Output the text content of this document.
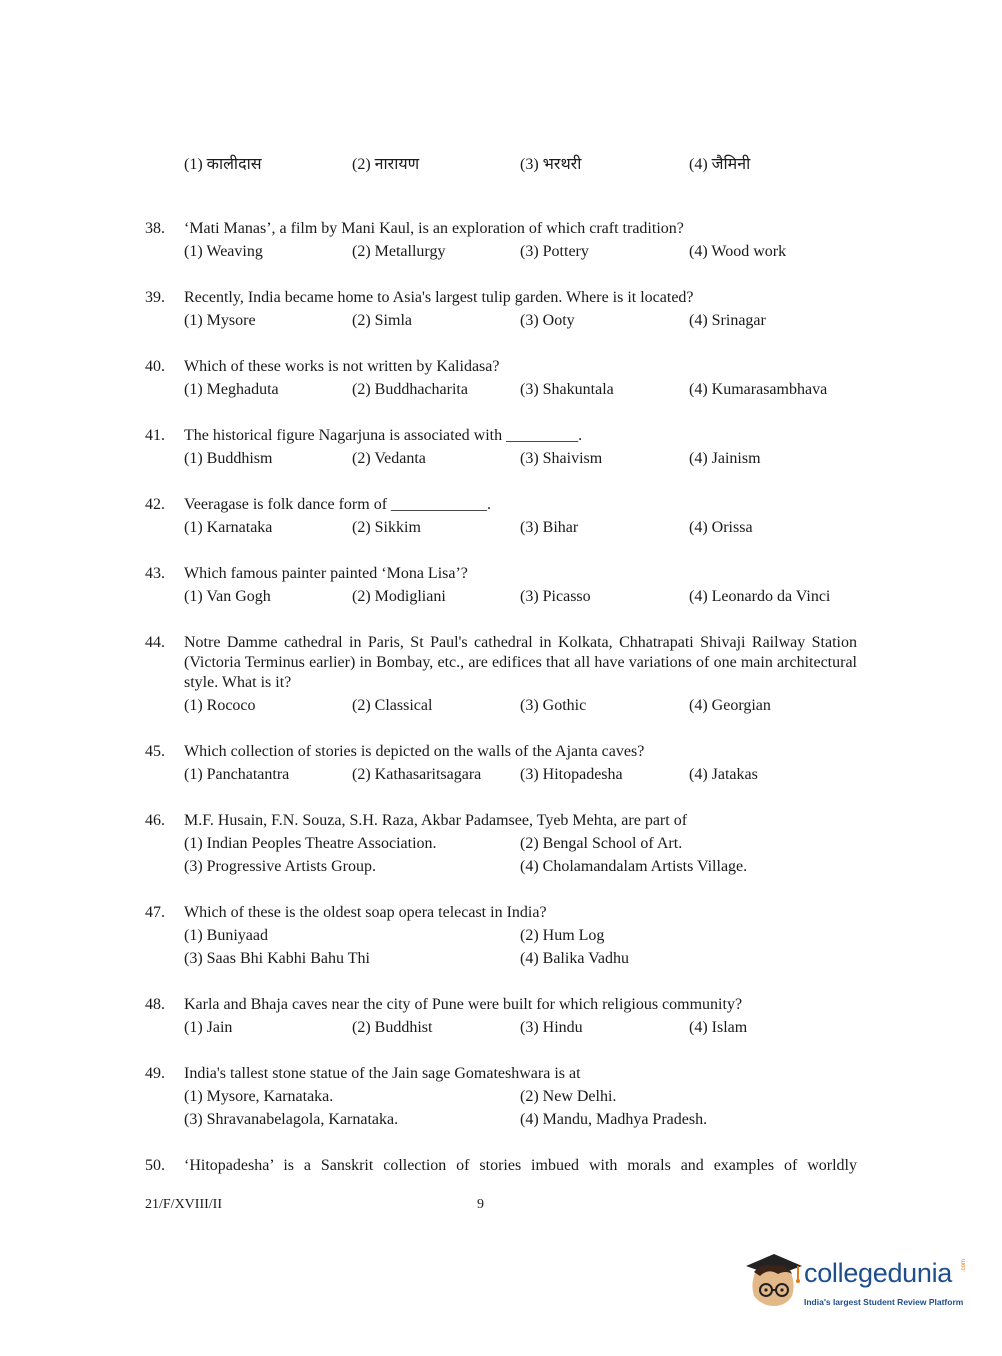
(1) कालीदास	(2) नारायण	(3) भरथरी	(4) जैमिनी
38. ‘Mati Manas’, a film by Mani Kaul, is an exploration of which craft tradition?
(1) Weaving	(2) Metallurgy	(3) Pottery	(4) Wood work
39. Recently, India became home to Asia's largest tulip garden. Where is it located?
(1) Mysore	(2) Simla	(3) Ooty	(4) Srinagar
40. Which of these works is not written by Kalidasa?
(1) Meghaduta	(2) Buddhacharita	(3) Shakuntala	(4) Kumarasambhava
41. The historical figure Nagarjuna is associated with _________.
(1) Buddhism	(2) Vedanta	(3) Shaivism	(4) Jainism
42. Veeragase is folk dance form of ____________.
(1) Karnataka	(2) Sikkim	(3) Bihar	(4) Orissa
43. Which famous painter painted ‘Mona Lisa’?
(1) Van Gogh	(2) Modigliani	(3) Picasso	(4) Leonardo da Vinci
44. Notre Damme cathedral in Paris, St Paul's cathedral in Kolkata, Chhatrapati Shivaji Railway Station (Victoria Terminus earlier) in Bombay, etc., are edifices that all have variations of one main architectural style. What is it?
(1) Rococo	(2) Classical	(3) Gothic	(4) Georgian
45. Which collection of stories is depicted on the walls of the Ajanta caves?
(1) Panchatantra	(2) Kathasaritsagara (3) Hitopadesha	(4) Jatakas
46. M.F. Husain, F.N. Souza, S.H. Raza, Akbar Padamsee, Tyeb Mehta, are part of
(1) Indian Peoples Theatre Association.	(2) Bengal School of Art.
(3) Progressive Artists Group.	(4) Cholamandalam Artists Village.
47. Which of these is the oldest soap opera telecast in India?
(1) Buniyaad	(2) Hum Log
(3) Saas Bhi Kabhi Bahu Thi	(4) Balika Vadhu
48. Karla and Bhaja caves near the city of Pune were built for which religious community?
(1) Jain	(2) Buddhist	(3) Hindu	(4) Islam
49. India's tallest stone statue of the Jain sage Gomateshwara is at
(1) Mysore, Karnataka.	(2) New Delhi.
(3) Shravanabelagola, Karnataka.	(4) Mandu, Madhya Pradesh.
50. ‘Hitopadesha’ is a Sanskrit collection of stories imbued with morals and examples of worldly
21/F/XVIII/II	9
collegedunia .com
India's largest Student Review Platform
